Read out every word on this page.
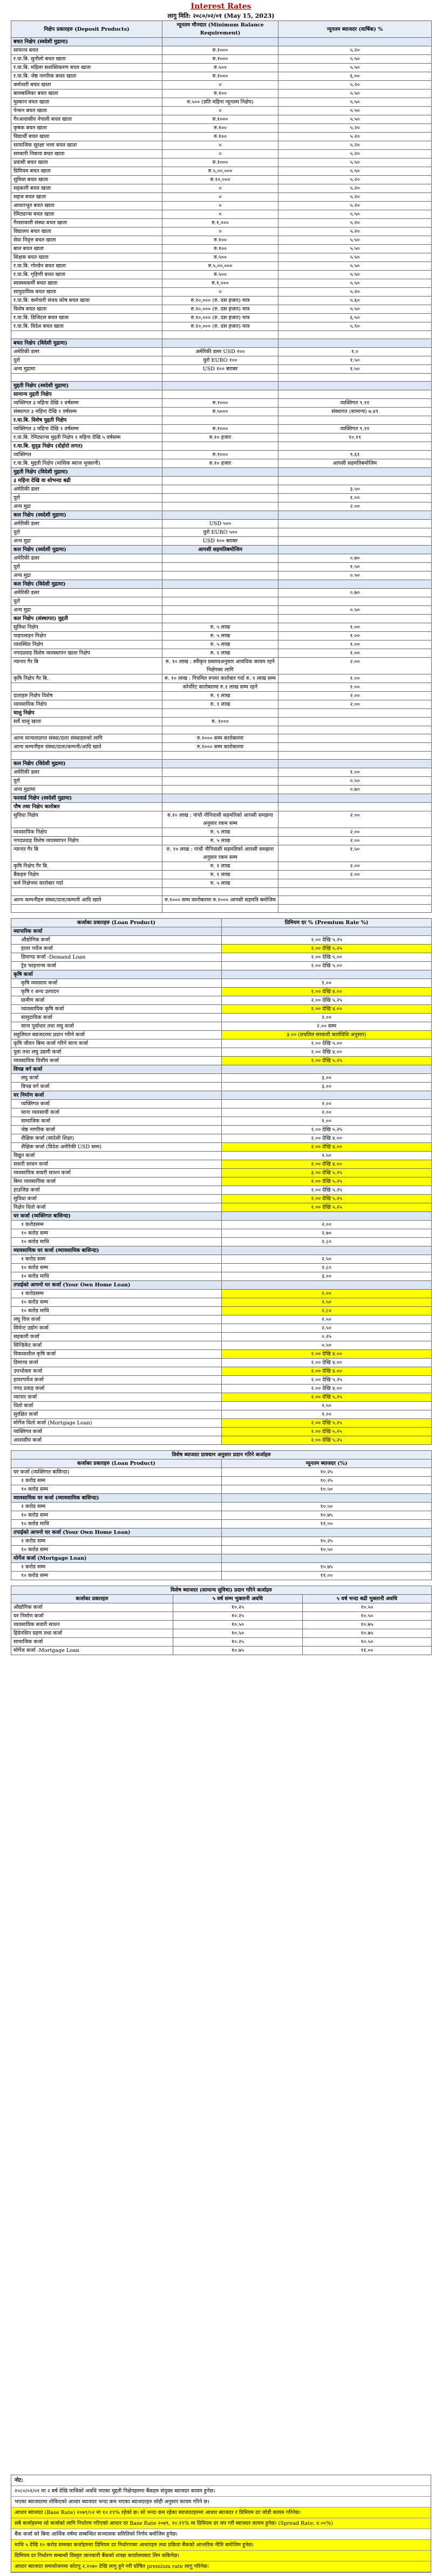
Interest Rates
लागु मिति: २०८०/०२/०१ (May 15, 2023)
निक्षेप प्रकारहरु (Deposit Products)	न्यूनतम मौज्दात (Minimum Balance Requirement)	न्यूनतम ब्याजदर (वार्षिक) %
बचत निक्षेप (स्वदेशी मुद्रामा)		
सामान्य बचत	रु.१०००	५.२०
र.या.बि. सुनौलो बचत खाता	रु.१०००	५.५०
र.या.बि. महिला सशक्तिकरण बचत खाता	रु.५००	५.५०
र.या.बि. जेष्ठ नागरिक बचत खाता	रु.१०००	६.००
कर्मचारी बचत खाता	०	५.२०
बालबालिका बचत खाता	रु.१००	५.५०
मुस्कान बचत खाता	रु.५०० (प्रति महिना न्यूनतम निक्षेप)	५.५०
पेन्सन बचत खाता	०	५.५०
गैरआवासीय नेपाली बचत खाता	रु.१०००	५.५०
कृषक बचत खाता	रु.१००	५.२०
विद्यार्थी बचत खाता	रु.१००	५.२०
सामाजिक सुरक्षा भत्ता बचत खाता	०	५.२०
सरकारी निकाय बचत खाता	०	५.२०
प्रवासी बचत खाता	रु.१०००	५.५०
प्रिमियम बचत खाता	रु.५,००,०००	५.५०
सुविधा बचत खाता	रु.१०,०००	५.२०
सहकारी बचत खाता	०	५.२०
सहज बचत खाता	०	५.२०
आधारभूत बचत खाता	०	५.२०
रेमिट्यान्स बचत खाता	०	५.५०
गैरसरकारी संस्था बचत खाता	रु.१,०००	५.२०
विद्यालय बचत खाता	०	५.२०
सेवा निवृत्त बचत खाता	रु.१००	५.५०
बाल बचत खाता	रु.१००	५.५०
शिक्षक बचत खाता	रु.५००	५.५०
र.या.बि. गोल्डेन बचत खाता	रु.५,००,०००	५.५०
र.या.बि. गृहिणी बचत खाता	रु.५००	५.५०
स्वास्थ्यकर्मी बचत खाता	रु.१,०००	५.५०
सामुदायिक बचत खाता	०	५.२०
र.या.बि. कर्मचारी संचय कोष बचत खाता	रु.१०,००० (रु. दस हजार) मात्र	५.६०
विशेष बचत खाता	रु.१०,००० (रु. दस हजार) मात्र	५.५०
र.या.बि. डिजिटल बचत खाता	रु.१०,००० (रु. दस हजार) मात्र	६.५०
र.या.बि. विदेश बचत खाता	रु.१०,००० (रु. दस हजार) मात्र	५.९०

बचत निक्षेप (विदेशी मुद्रामा)		
अमेरिकी डलर	अमेरिकी डलर USD १००	१.०
युरो	युरो EURO १००	१.५०
अन्य मुद्रामा	USD १०० बराबर	१.५०

मुद्दती निक्षेप (स्वदेशी मुद्रामा)		
सामान्य मुद्दती निक्षेप		
व्यक्तिगत ३ महिना देखि १ वर्षसम्म	रु.१०००	व्यक्तिगत ९.११
संस्थागत ३ महिना देखि १ वर्षसम्म	रु.५०००	संस्थागत (सामान्य) ७.४९
र.या.बि. विशेष मुद्दती निक्षेप		
व्यक्तिगत ३ महिना देखि १ वर्षसम्म	रु.१०००	व्यक्तिगत ९.११
र.या.बि. रेमिट्यान्स मुद्दती निक्षेप १ महिना देखि ५ वर्षसम्म	रु.१० हजार	१०.११
र.या.बि. सुदृढ निक्षेप (दोहोरो लगत)		
व्यक्तिगत	रु.१०००	९.६१
र.या.बि. मुद्दती निक्षेप (मासिक ब्याज भुक्तानी)	रु.१० हजार	आपसी सहमतिबमोजिम
मुद्दती निक्षेप (विदेशी मुद्रामा)		
३ महिना देखि वा सोभन्दा बढी		
अमेरिकी डलर		३.५०
युरो		१.००
अन्य मुद्रा		२.००
कल निक्षेप (स्वदेशी मुद्रामा)		
अमेरिकी डलर	USD ५००	
युरो	युरो EURO ५००	
अन्य मुद्रा	USD १०० बराबर	
कल निक्षेप (स्वदेशी मुद्रामा)	आपसी सहमतिबमोजिम	
अमेरिकी डलर		०.७०
युरो		१.५०
अन्य मुद्रा		०.५०
कल निक्षेप (विदेशी मुद्रामा)		
अमेरिकी डलर		०.७०
युरो		
अन्य मुद्रा		०.५०
कल निक्षेप (संस्थागत) मुद्दती		
सुविधा निक्षेप	रु. ५ लाख	१.००
पाइपलाइन निक्षेप	रु. ५ लाख	१.००
व्यवस्थित निक्षेप	रु. ५ लाख	१.००
नगदप्रवाह विशेष व्यवस्थापन खाता निक्षेप	रु. १ लाख	१.००
न्यानार गैर बि	रु. १० लाख : स्वीकृत प्रस्तावअनुसार आवधिक कायम रहने निक्षेपका लागि	२.००
कृषि निक्षेप गैर बि.	रु. १० लाख : नियमित रुपमा कारोबार गर्दा रु. १ लाख सम्म	१.००
	कोर्पोरेट कारोबारमा रु.१ लाख सम्म रहने	१.००
दाताहरु निक्षेप विशेष	रु. १ लाख	२.००
व्यवसायिक निक्षेप	रु. १ लाख	२.००
चालु निक्षेप		
सर्वे चालु खाता	रु. १०००	

आन्य मान्यताप्राप्त संस्था/दाता संस्थाहरुको लागि	रु.१००० सम्म कारोबारमा	
आन्य कम्पनीहरु संस्था/दाता/कम्पनी/आदि खाते	रु.१००० सम्म कारोबारमा	

कल निक्षेप (विदेशी मुद्रामा)		
अमेरिकी डलर		१.००
युरो		०.५०
अन्य मुद्रामा		०.७०
फरवार्ड निक्षेप (स्वदेशी मुद्रामा)		
पौष तथा निक्षेप कारोबार		
सुविधा निक्षेप	रु.१० लाख : पांचौ नौनिवासी सहमतिको आपसी समझना अनुसार रकम सम्म	२.००
व्यवसायिक निक्षेप	रु. ५ लाख	२.००
नगदप्रवाह विशेष व्यवस्थापन निक्षेप	रु. ५ लाख	२.००
न्यानार गैर बि	रु. १० लाख : पांचौ नौनिवासी सहमतिको आपसी समझना अनुसार रकम सम्म	१.५०
कृषि निक्षेप गैर बि.	रु. १ लाख	२.००
बैंकहरु निक्षेप	रु. १ लाख	२.००
कर्म निक्षेपमा कारोबार गर्दा	रु. ५ लाख	

आन्य कम्पनीहरु संस्था/दाता/कम्पनी आदि खाते	रु.१००० सम्म कारोबारमा रु.१००० आपसी सहमति बमोजिम	

कर्जाका प्रकारहरु (Loan Product)	प्रिमियम दर % (Premium Rate %)
व्यापारिक कर्जा	
औद्योगिक कर्जा	२.०० देखि ५.२५
हायर पर्चेज कर्जा	२.०० देखि ५.२५
डिमाण्ड कर्जा -Demand Loan	२.०० देखि ५.००
ट्रेड फाइनान्स कर्जा	२.०० देखि ५.००
कृषि कर्जा	
कृषि व्यवसाय कर्जा	१.००
कृषि र अन्य उत्पादन	१.०० देखि ४.००
ग्रामीण कर्जा	२.०० देखि ५.२५
व्यावसायिक कृषि कर्जा	२.०० देखि ४.००
सामुदायिक कर्जा	२.००
साना पूर्वाधार तथा लघु कर्जा	२.०० सम्म
सहुलियत ब्याजदरमा प्रदान गरिने कर्जा	३.०० (प्रचलित सरकारी कार्यविधि अनुसार)
कृषि जीवन बिमा कर्जा गरिने साना कर्जा	२.०० देखि ५.००
युवा तथा लघु उद्यमी कर्जा	२.०० देखि ४.००
व्यवसायिक वित्तीय कर्जा	२.०० देखि ५.२५
विपन्न वर्ग कर्जा	
लघु कर्जा	३.००
विपन्न वर्ग कर्जा	३.००
घर निर्माण कर्जा	
व्यक्तिगत कर्जा	२.००
साना व्यवसायी कर्जा	२.००
सामाजिक कर्जा	१.००
जेष्ठ नागरिक कर्जा	२.०० देखि ५.२५
शैक्षिक कर्जा (स्वदेशी शिक्षा)	२.०० देखि ४.००
शैक्षिक कर्जा (विदेश अमेरिकी USD सम्म)	२.०० देखि ४.००
विद्युत कर्जा	२.५०
सवारी साधन कर्जा	२.०० देखि ४.००
व्यवसायिक सवारी साधन कर्जा	३.०० देखि ५.२५
बिमा व्यवसायिक कर्जा	२.०० देखि ५.२५
हाउजिङ कर्जा	२.०० देखि ५.२५
सुविधा कर्जा	२.०० देखि ५.२५
निक्षेप धितो कर्जा	२.०० देखि ५.२५
घर कर्जा (व्यक्तिगत बासिन्दा)	
१ करोडसम्म	२.००
१० करोड सम्म	२.७०
१० करोड माथि	२.८०
व्यावसायिक घर कर्जा (व्यावसायिक बासिन्दा)	
१ करोड सम्म	२.५०
१० करोड सम्म	२.८०
१० करोड माथि	३.००
तपाईको आफ्नो घर कर्जा (Your Own Home Loan)	
१ करोडसम्म	२.००
१० करोड सम्म	२.५०
१० करोड माथि	२.८०
लघु वित्त कर्जा	२.५०
सिमेन्ट उद्योग कर्जा	२.५०
सहकारी कर्जा	०.२५
सिन्डिकेट कर्जा	०.५०
विकासशील कृषि कर्जा	२.०० देखि ४.००
डिमाण्ड कर्जा	२.०० देखि ४.००
उपभोक्ता कर्जा	२.०० देखि ४.००
हायरपर्चेज कर्जा	२.०० देखि ५.२५
नगद प्रवाह कर्जा	२.०० देखि ४.००
व्यापार कर्जा	२.०० देखि ५.२५
धितो कर्जा	२.५०
सुरक्षित कर्जा	२.००
मोर्गेज धितो कर्जा (Mortgage Loan)	२.०० देखि ५.२५
व्यक्तिगत कर्जा	२.०० देखि ५.२५
आवासीय कर्जा	२.०० देखि ५.२५
विशेष ब्याजदर प्रावधान अनुसार प्रदान गरिने कर्जाहरु	
कर्जाका प्रकारहरु (Loan Product)	न्यूनतम ब्याजदर (%)
घर कर्जा (व्यक्तिगत बासिन्दा)	१०.२५
१ करोड सम्म	१०.२५
१० करोड सम्म	१०.५०
व्यावसायिक घर कर्जा (व्यावसायिक बासिन्दा)	
१ करोड सम्म	१०.५०
१० करोड सम्म	१०.७५
१० करोड माथि	११.००
तपाईको आफ्नो घर कर्जा (Your Own Home Loan)	
१ करोड सम्म	१०.२५
१० करोड सम्म	१०.५०
मोर्गेज कर्जा (Mortgage Loan)	
१ करोड सम्म	१०.७५
१० करोड सम्म	११.००
विशेष ब्याजदर (सामान्य सुविधा) प्रदान गरिने कर्जाहरु		
कर्जाका प्रकारहरु	५ वर्ष सम्म भुक्तानी अवधि	५ वर्ष भन्दा बढी भुक्तानी अवधि
औद्योगिक कर्जा	१०.२५	१०.५०
घर निर्माण कर्जा	१०.२५	१०.५०
व्यवसायिक सवारी साधन	१०.५०	१०.७५
हिडेनसिप ग्रहण तथा कर्जा	१०.५०	१०.७५
सामाजिक कर्जा	१०.२५	१०.५०
मोर्गेज कर्जा -Mortgage Loan	१०.७५	११.००
नोट:
२०८०/०२/०१ मा २ बर्ष देखि माथिको अवधि भएका मुद्दती निक्षेपहरुमा बैंकहरु संयुक्त ब्याजदर कायम हुनेछ।
भएका ब्याजदरमा तोकिएको आधार ब्याजदर भन्दा कम भएका ब्याजदरहरु सोही अनुसार कायम गरिने छ।
आधार ब्याजदर (Base Rate) २०७९/०२ मा १०.१९% रहेको छ। सो भन्दा कम रहेका ब्याजदरहरुमा आधार ब्याजदर र प्रिमियम दर जोडी कायम गरिनेछ।
सबै कर्जाहरुमा सो कर्जाको लागि निर्धारण गरिएको आधार दर Base Rate २०७९, १०.१९% मा प्रिमियम दर थप गरी ब्याजदर कायम हुनेछ। (Spread Rate: ४.००%)
बैंक कर्जा को बिमा आर्थिक वर्षमा सम्बन्धित सञ्चालक समितिको निर्णय बमोजिम हुनेछ।
माथि ५ देखि १० करोड सम्मका कर्जाहरुमा प्रिमियम दर निर्धारणका आधारहरु तथा प्रक्रिया बैंकको आन्तरिक नीति बमोजिम हुनेछ।
प्रिमियम दर निर्धारण सम्बन्धी विस्तृत जानकारी बैंकको शाखा कार्यालयबाट लिन सकिनेछ।
आधार ब्याजदर समायोजनमा कोटपु २.२०७० देखि लागु हुने गरी घोषित premium rate लागु गरिनेछ।
